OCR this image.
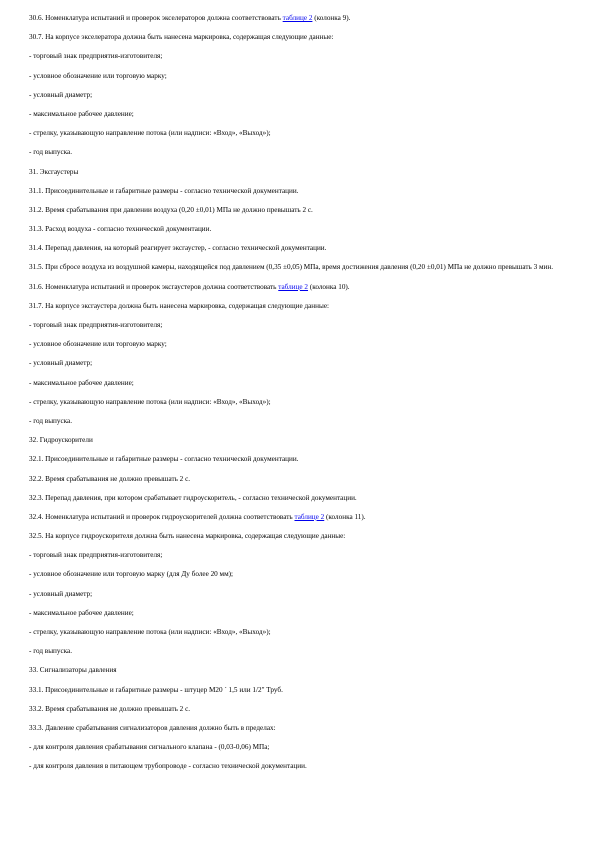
30.6. Номенклатура испытаний и проверок экселераторов должна соответствовать таблице 2 (колонка 9).

30.7. На корпусе экселератора должна быть нанесена маркировка, содержащая следующие данные:

- торговый знак предприятия-изготовителя;

- условное обозначение или торговую марку;

- условный диаметр;

- максимальное рабочее давление;

- стрелку, указывающую направление потока (или надписи: «Вход», «Выход»);

- год выпуска.

31. Эксгаустеры

31.1. Присоединительные и габаритные размеры - согласно технической документации.

31.2. Время срабатывания при давлении воздуха (0,20 ±0,01) МПа не должно превышать 2 с.

31.3. Расход воздуха - согласно технической документации.

31.4. Перепад давления, на который реагирует эксгаустер, - согласно технической документации.

31.5. При сбросе воздуха из воздушной камеры, находящейся под давлением (0,35 ±0,05) МПа, время достижения давления (0,20 ±0,01) МПа не должно превышать 3 мин.

31.6. Номенклатура испытаний и проверок эксгаустеров должна соответствовать таблице 2 (колонка 10).

31.7. На корпусе эксгаустера должна быть нанесена маркировка, содержащая следующие данные:

- торговый знак предприятия-изготовителя;

- условное обозначение или торговую марку;

- условный диаметр;

- максимальное рабочее давление;

- стрелку, указывающую направление потока (или надписи: «Вход», «Выход»);

- год выпуска.

32. Гидроускорители

32.1. Присоединительные и габаритные размеры - согласно технической документации.

32.2. Время срабатывания не должно превышать 2 с.

32.3. Перепад давления, при котором срабатывает гидроускоритель, - согласно технической документации.

32.4. Номенклатура испытаний и проверок гидроускорителей должна соответствовать таблице 2 (колонка 11).

32.5. На корпусе гидроускорителя должна быть нанесена маркировка, содержащая следующие данные:

- торговый знак предприятия-изготовителя;

- условное обозначение или торговую марку (для Ду более 20 мм);

- условный диаметр;

- максимальное рабочее давление;

- стрелку, указывающую направление потока (или надписи: «Вход», «Выход»);

- год выпуска.

33. Сигнализаторы давления

33.1. Присоединительные и габаритные размеры - штуцер М20 ´ 1,5 или 1/2" Труб.

33.2. Время срабатывания не должно превышать 2 с.

33.3. Давление срабатывания сигнализаторов давления должно быть в пределах:

- для контроля давления срабатывания сигнального клапана - (0,03-0,06) МПа;

- для контроля давления в питающем трубопроводе - согласно технической документации.
